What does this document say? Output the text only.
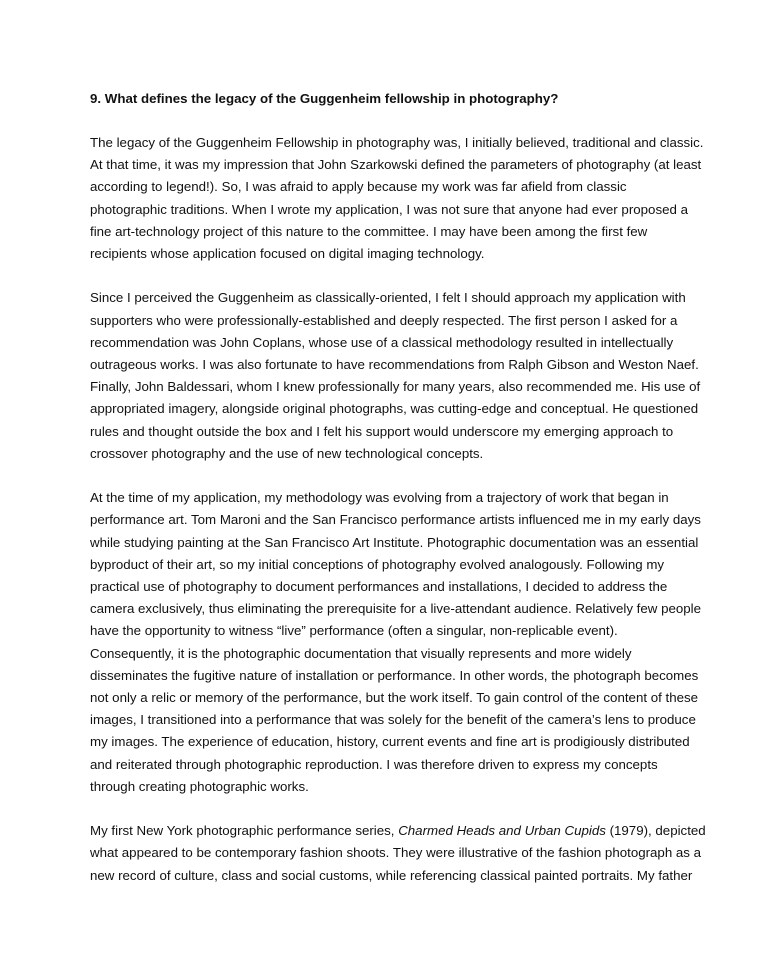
9. What defines the legacy of the Guggenheim fellowship in photography?
The legacy of the Guggenheim Fellowship in photography was, I initially believed, traditional and classic.
At that time, it was my impression that John Szarkowski defined the parameters of photography (at least
according to legend!). So, I was afraid to apply because my work was far afield from classic
photographic traditions. When I wrote my application, I was not sure that anyone had ever proposed a
fine art-technology project of this nature to the committee. I may have been among the first few
recipients whose application focused on digital imaging technology.
Since I perceived the Guggenheim as classically-oriented, I felt I should approach my application with
supporters who were professionally-established and deeply respected. The first person I asked for a
recommendation was John Coplans, whose use of a classical methodology resulted in intellectually
outrageous works. I was also fortunate to have recommendations from Ralph Gibson and Weston Naef.
Finally, John Baldessari, whom I knew professionally for many years, also recommended me. His use of
appropriated imagery, alongside original photographs, was cutting-edge and conceptual. He questioned
rules and thought outside the box and I felt his support would underscore my emerging approach to
crossover photography and the use of new technological concepts.
At the time of my application, my methodology was evolving from a trajectory of work that began in
performance art. Tom Maroni and the San Francisco performance artists influenced me in my early days
while studying painting at the San Francisco Art Institute. Photographic documentation was an essential
byproduct of their art, so my initial conceptions of photography evolved analogously. Following my
practical use of photography to document performances and installations, I decided to address the
camera exclusively, thus eliminating the prerequisite for a live-attendant audience. Relatively few people
have the opportunity to witness “live” performance (often a singular, non-replicable event).
Consequently, it is the photographic documentation that visually represents and more widely
disseminates the fugitive nature of installation or performance. In other words, the photograph becomes
not only a relic or memory of the performance, but the work itself. To gain control of the content of these
images, I transitioned into a performance that was solely for the benefit of the camera’s lens to produce
my images. The experience of education, history, current events and fine art is prodigiously distributed
and reiterated through photographic reproduction. I was therefore driven to express my concepts
through creating photographic works.
My first New York photographic performance series, Charmed Heads and Urban Cupids (1979), depicted
what appeared to be contemporary fashion shoots. They were illustrative of the fashion photograph as a
new record of culture, class and social customs, while referencing classical painted portraits. My father
